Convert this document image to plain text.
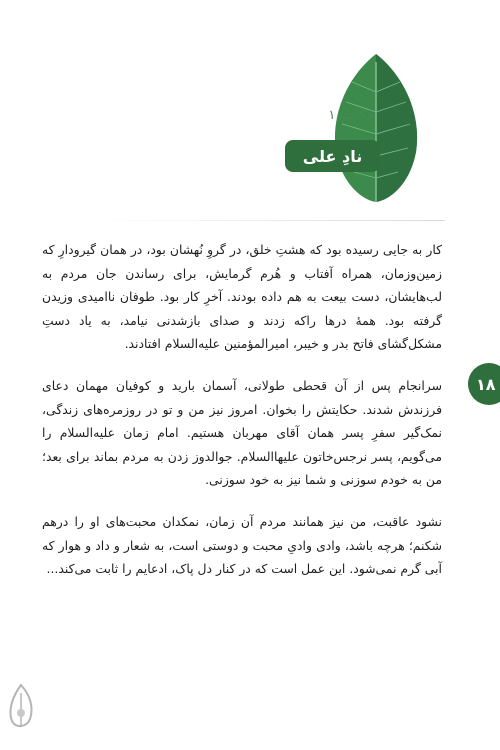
حکایت ۱
نادِ علی

کار به جایی رسیده بود که هشتِ خلق، در گروِ نُهشان بود، در همان گیرودارِ که زمین‌وزمان، همراه آفتاب و هُرم گرمایش، برای رساندن جان مردم به لب‌هایشان، دست بیعت به هم داده بودند. آخرِ کار بود. طوفان ناامیدی وزیدن گرفته بود. همهٔ درها راکه زدند و صدای بازشدنی نیامد، به یاد دستِ مشکل‌گشای فاتح بدر و خیبر، امیرالمؤمنین علیه‌السلام افتادند.

سرانجام پس از آن قحطی طولانی، آسمان بارید و کوفیان مهمان دعای فرزندش شدند. حکایتش را بخوان. امروز نیز من و تو در روزمره‌های زندگی، نمک‌گیر سفرِ پسر همان آقای مهربان هستیم. امام زمان علیه‌السلام را می‌گویم، پسر نرجس‌خاتون علیهاالسلام. جوالدوز زدن به مردم بماند برای بعد؛ من به خودم سوزنی و شما نیز به خود سوزنی.

نشود عاقبت، من نیز همانند مردم آن زمان، نمکدان محبت‌های او را درهم شکنم؛ هرچه باشد، وادی وادیِ محبت و دوستی است، به شعار و داد و هوار که آبی گرم نمی‌شود. این عمل است که در کنار دل پاک، ادعایم را ثابت می‌کند...

۱۸
